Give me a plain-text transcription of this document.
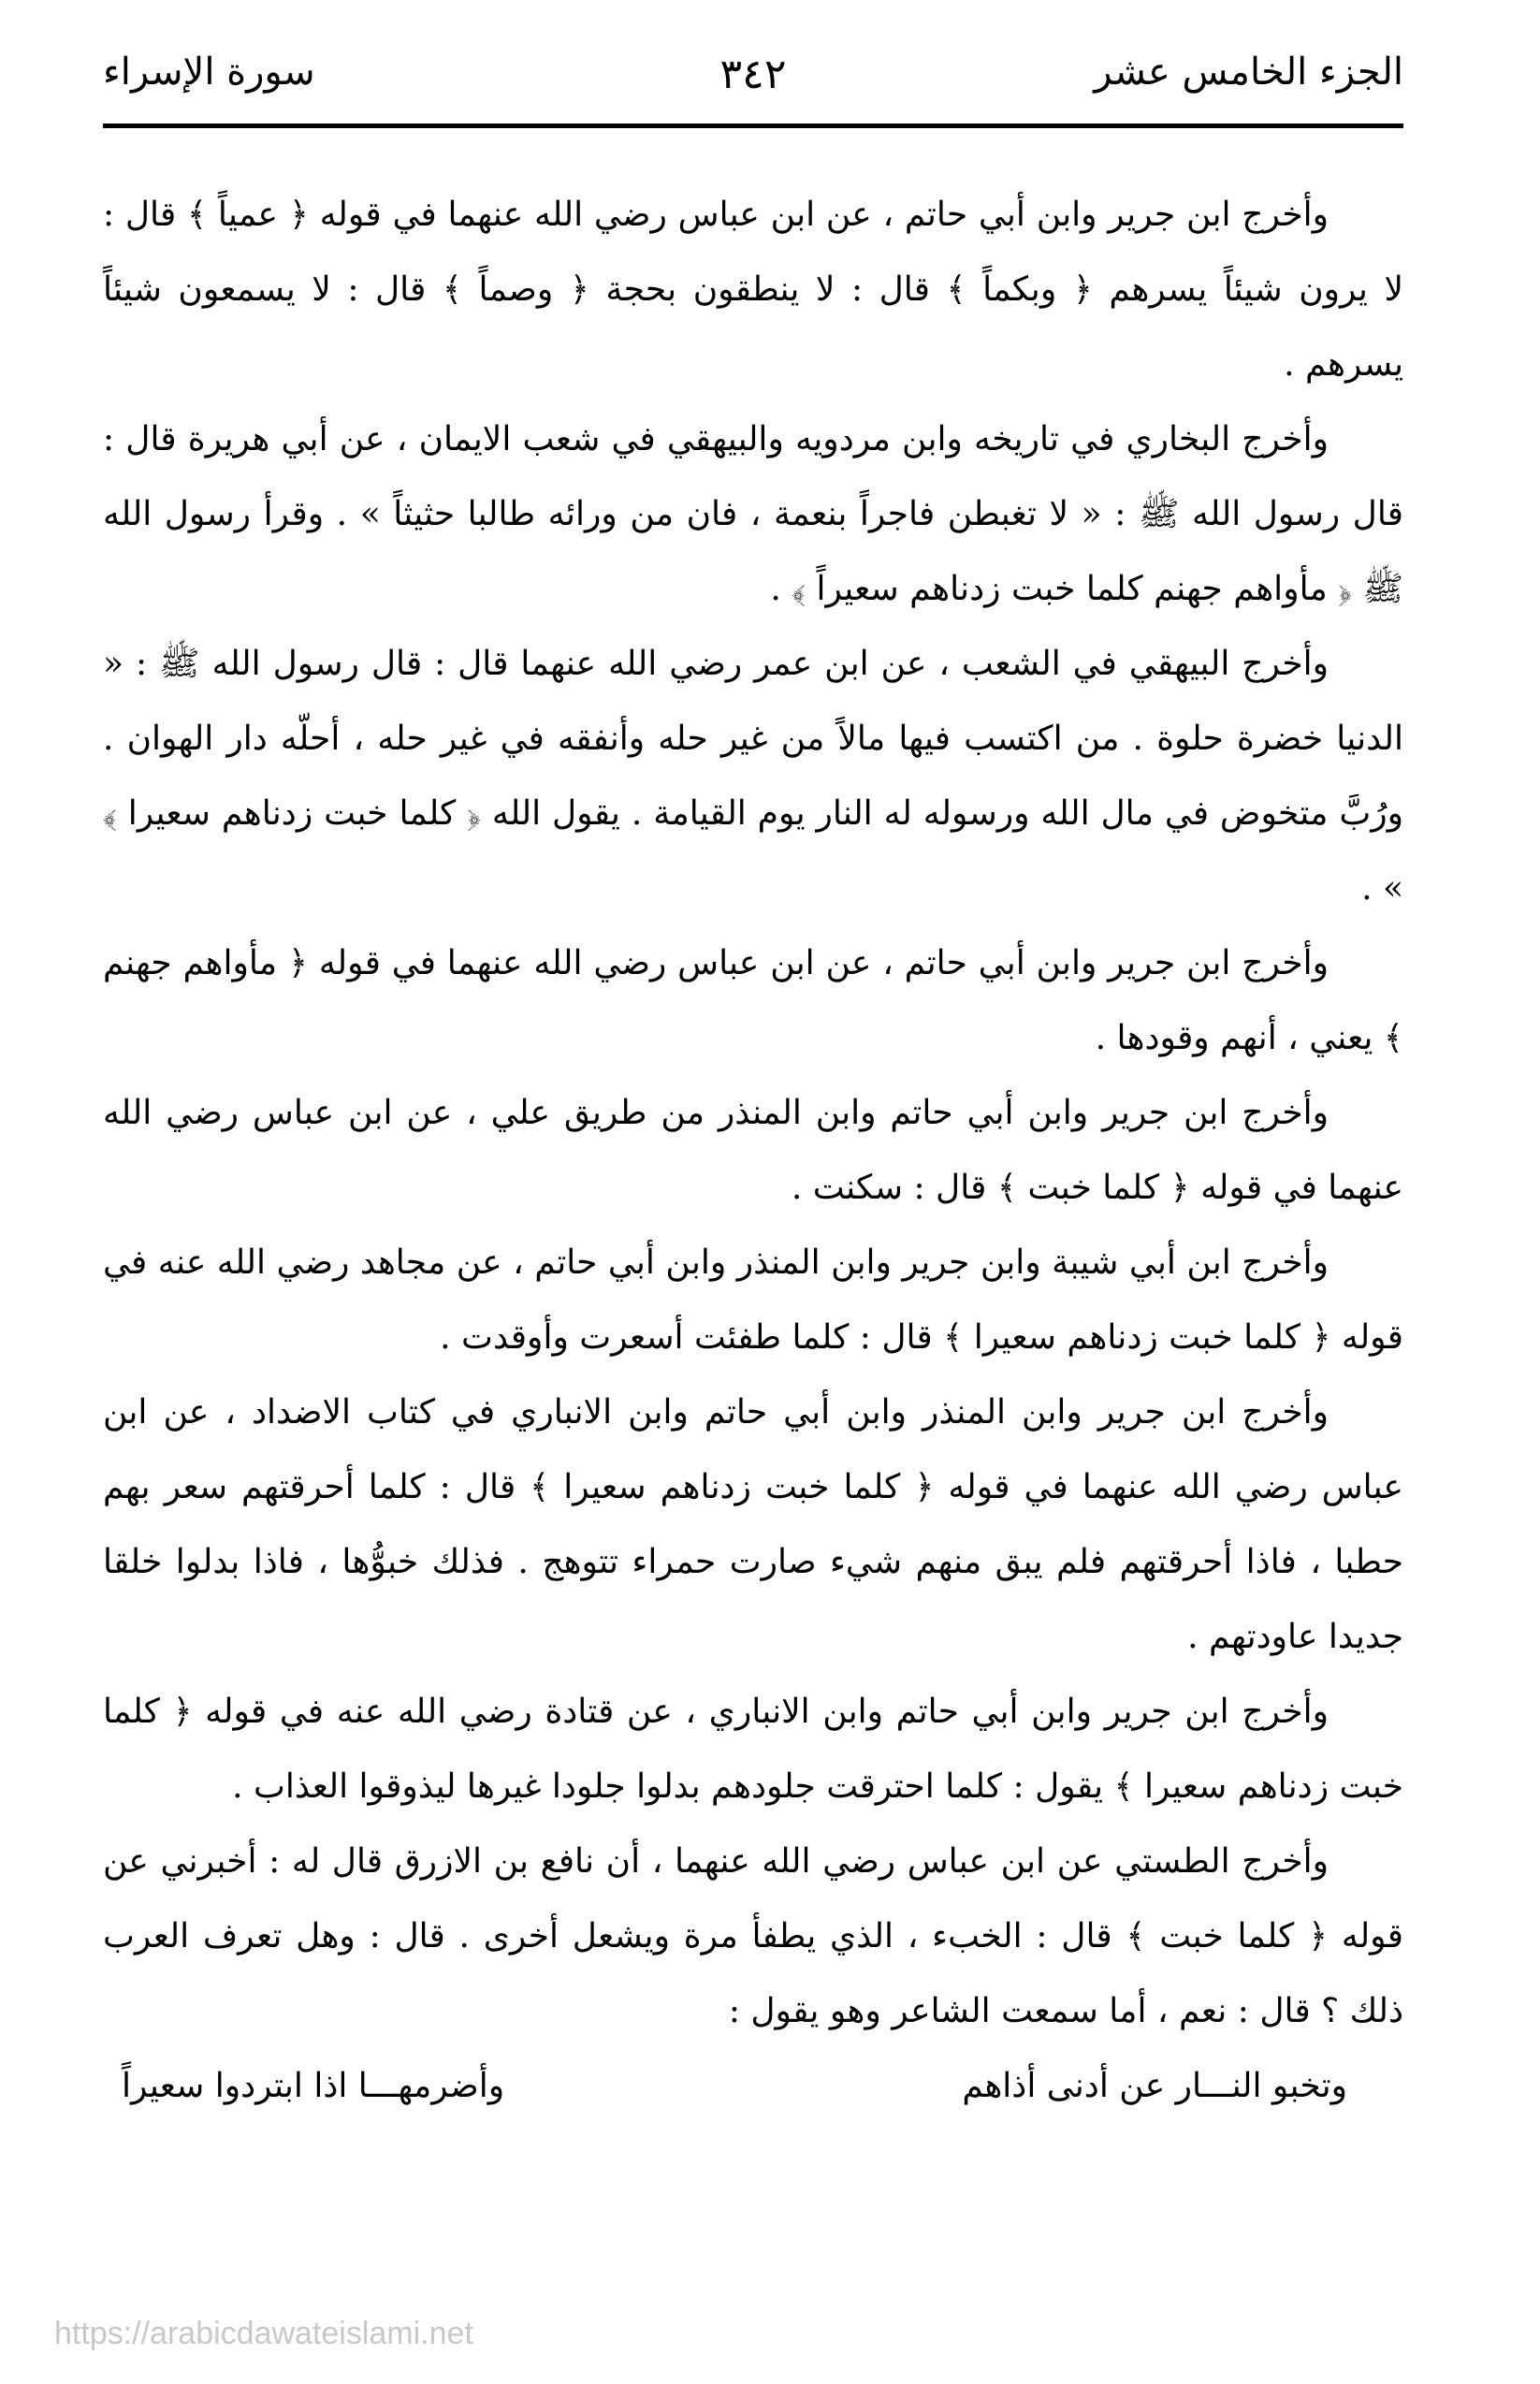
الجزء الخامس عشر
٣٤٢
سورة الإسراء

وأخرج ابن جرير وابن أبي حاتم ، عن ابن عباس رضي الله عنهما في قوله ﴿ عمياً ﴾ قال : لا يرون شيئاً يسرهم ﴿ وبكماً ﴾ قال : لا ينطقون بحجة ﴿ وصماً ﴾ قال : لا يسمعون شيئاً يسرهم .

وأخرج البخاري في تاريخه وابن مردويه والبيهقي في شعب الايمان ، عن أبي هريرة قال : قال رسول الله ﷺ : « لا تغبطن فاجراً بنعمة ، فان من ورائه طالبا حثيثاً » . وقرأ رسول الله ﷺ ﴿ مأواهم جهنم كلما خبت زدناهم سعيراً ﴾ .

وأخرج البيهقي في الشعب ، عن ابن عمر رضي الله عنهما قال : قال رسول الله ﷺ : « الدنيا خضرة حلوة . من اكتسب فيها مالاً من غير حله وأنفقه في غير حله ، أحلّه دار الهوان . ورُبَّ متخوض في مال الله ورسوله له النار يوم القيامة . يقول الله ﴿ كلما خبت زدناهم سعيرا ﴾ » .

وأخرج ابن جرير وابن أبي حاتم ، عن ابن عباس رضي الله عنهما في قوله ﴿ مأواهم جهنم ﴾ يعني ، أنهم وقودها .

وأخرج ابن جرير وابن أبي حاتم وابن المنذر من طريق علي ، عن ابن عباس رضي الله عنهما في قوله ﴿ كلما خبت ﴾ قال : سكنت .

وأخرج ابن أبي شيبة وابن جرير وابن المنذر وابن أبي حاتم ، عن مجاهد رضي الله عنه في قوله ﴿ كلما خبت زدناهم سعيرا ﴾ قال : كلما طفئت أسعرت وأوقدت .

وأخرج ابن جرير وابن المنذر وابن أبي حاتم وابن الانباري في كتاب الاضداد ، عن ابن عباس رضي الله عنهما في قوله ﴿ كلما خبت زدناهم سعيرا ﴾ قال : كلما أحرقتهم سعر بهم حطبا ، فاذا أحرقتهم فلم يبق منهم شيء صارت حمراء تتوهج . فذلك خبوُّها ، فاذا بدلوا خلقا جديدا عاودتهم .

وأخرج ابن جرير وابن أبي حاتم وابن الانباري ، عن قتادة رضي الله عنه في قوله ﴿ كلما خبت زدناهم سعيرا ﴾ يقول : كلما احترقت جلودهم بدلوا جلودا غيرها ليذوقوا العذاب .

وأخرج الطستي عن ابن عباس رضي الله عنهما ، أن نافع بن الازرق قال له : أخبرني عن قوله ﴿ كلما خبت ﴾ قال : الخبء ، الذي يطفأ مرة ويشعل أخرى . قال : وهل تعرف العرب ذلك ؟ قال : نعم ، أما سمعت الشاعر وهو يقول :

وتخبو النـــار عن أدنى أذاهم
وأضرمهـــا اذا ابتردوا سعيراً
https://arabicdawateislami.net
